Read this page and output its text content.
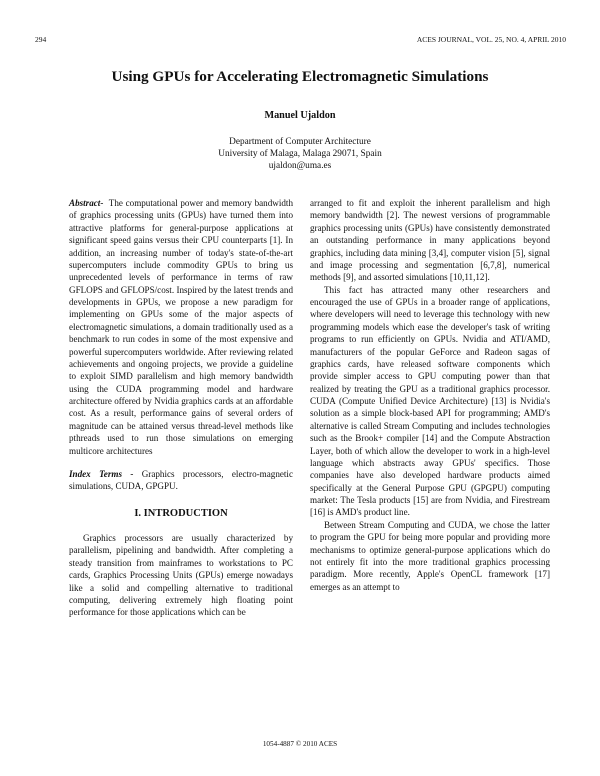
294	ACES JOURNAL, VOL. 25, NO. 4, APRIL 2010
Using GPUs for Accelerating Electromagnetic Simulations
Manuel Ujaldon
Department of Computer Architecture
University of Malaga, Malaga 29071, Spain
ujaldon@uma.es

Abstract- The computational power and memory bandwidth of graphics processing units (GPUs) have turned them into attractive platforms for general-purpose applications at significant speed gains versus their CPU counterparts [1]. In addition, an increasing number of today's state-of-the-art supercomputers include commodity GPUs to bring us unprecedented levels of performance in terms of raw GFLOPS and GFLOPS/cost. Inspired by the latest trends and developments in GPUs, we propose a new paradigm for implementing on GPUs some of the major aspects of electromagnetic simulations, a domain traditionally used as a benchmark to run codes in some of the most expensive and powerful supercomputers worldwide. After reviewing related achievements and ongoing projects, we provide a guideline to exploit SIMD parallelism and high memory bandwidth using the CUDA programming model and hardware architecture offered by Nvidia graphics cards at an affordable cost. As a result, performance gains of several orders of magnitude can be attained versus thread-level methods like pthreads used to run those simulations on emerging multicore architectures

Index Terms - Graphics processors, electro-magnetic simulations, CUDA, GPGPU.

I. INTRODUCTION

Graphics processors are usually characterized by parallelism, pipelining and bandwidth. After completing a steady transition from mainframes to workstations to PC cards, Graphics Processing Units (GPUs) emerge nowadays like a solid and compelling alternative to traditional computing, delivering extremely high floating point performance for those applications which can be

arranged to fit and exploit the inherent parallelism and high memory bandwidth [2]. The newest versions of programmable graphics processing units (GPUs) have consistently demonstrated an outstanding performance in many applications beyond graphics, including data mining [3,4], computer vision [5], signal and image processing and segmentation [6,7,8], numerical methods [9], and assorted simulations [10,11,12].

This fact has attracted many other researchers and encouraged the use of GPUs in a broader range of applications, where developers will need to leverage this technology with new programming models which ease the developer's task of writing programs to run efficiently on GPUs. Nvidia and ATI/AMD, manufacturers of the popular GeForce and Radeon sagas of graphics cards, have released software components which provide simpler access to GPU computing power than that realized by treating the GPU as a traditional graphics processor. CUDA (Compute Unified Device Architecture) [13] is Nvidia's solution as a simple block-based API for programming; AMD's alternative is called Stream Computing and includes technologies such as the Brook+ compiler [14] and the Compute Abstraction Layer, both of which allow the developer to work in a high-level language which abstracts away GPUs' specifics. Those companies have also developed hardware products aimed specifically at the General Purpose GPU (GPGPU) computing market: The Tesla products [15] are from Nvidia, and Firestream [16] is AMD's product line.

Between Stream Computing and CUDA, we chose the latter to program the GPU for being more popular and providing more mechanisms to optimize general-purpose applications which do not entirely fit into the more traditional graphics processing paradigm. More recently, Apple's OpenCL framework [17] emerges as an attempt to

1054-4887 © 2010 ACES
